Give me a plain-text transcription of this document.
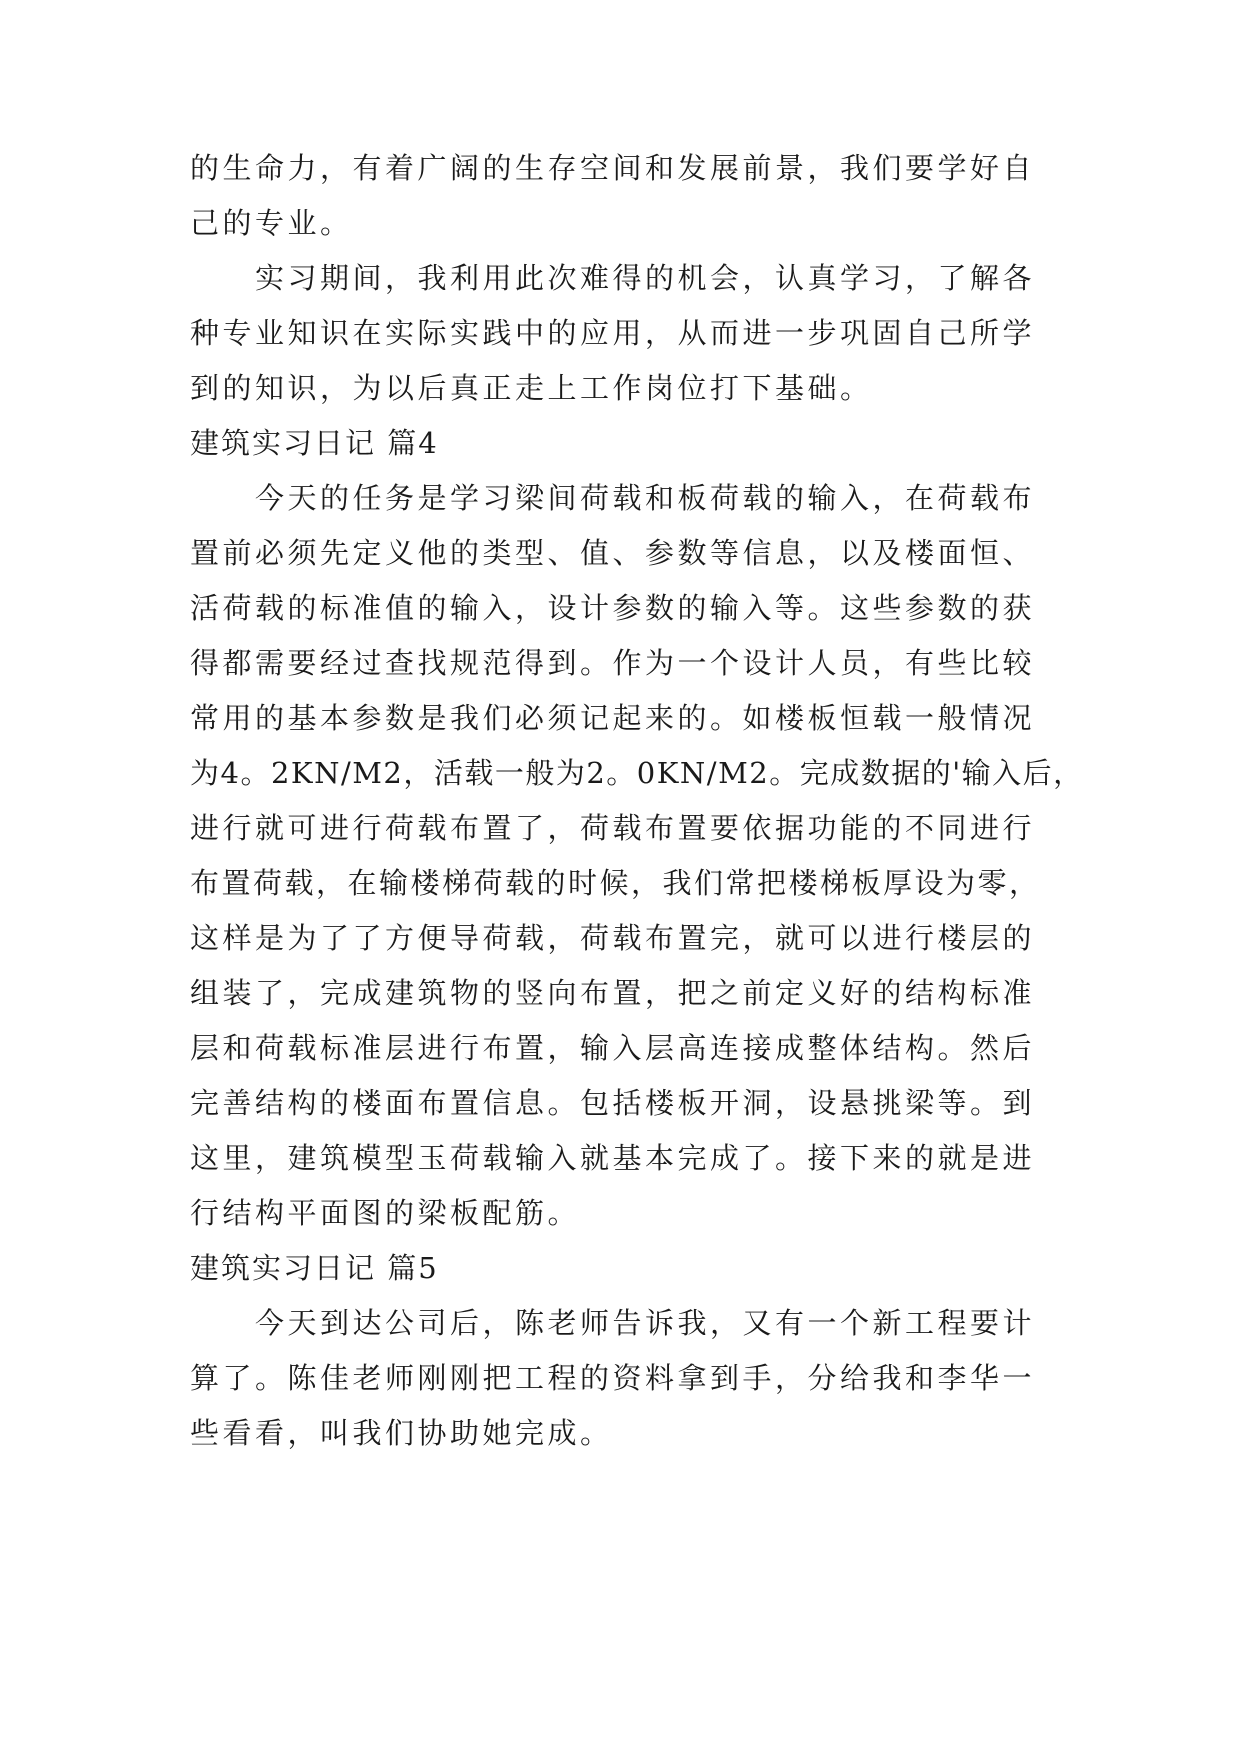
的生命力，有着广阔的生存空间和发展前景，我们要学好自
己的专业。
　　实习期间，我利用此次难得的机会，认真学习，了解各
种专业知识在实际实践中的应用，从而进一步巩固自己所学
到的知识，为以后真正走上工作岗位打下基础。
建筑实习日记 篇4
　　今天的任务是学习梁间荷载和板荷载的输入，在荷载布
置前必须先定义他的类型、值、参数等信息，以及楼面恒、
活荷载的标准值的输入，设计参数的输入等。这些参数的获
得都需要经过查找规范得到。作为一个设计人员，有些比较
常用的基本参数是我们必须记起来的。如楼板恒载一般情况
为4。2KN/M2，活载一般为2。0KN/M2。完成数据的'输入后，
进行就可进行荷载布置了，荷载布置要依据功能的不同进行
布置荷载，在输楼梯荷载的时候，我们常把楼梯板厚设为零，
这样是为了了方便导荷载，荷载布置完，就可以进行楼层的
组装了，完成建筑物的竖向布置，把之前定义好的结构标准
层和荷载标准层进行布置，输入层高连接成整体结构。然后
完善结构的楼面布置信息。包括楼板开洞，设悬挑梁等。到
这里，建筑模型玉荷载输入就基本完成了。接下来的就是进
行结构平面图的梁板配筋。
建筑实习日记 篇5
　　今天到达公司后，陈老师告诉我，又有一个新工程要计
算了。陈佳老师刚刚把工程的资料拿到手，分给我和李华一
些看看，叫我们协助她完成。
